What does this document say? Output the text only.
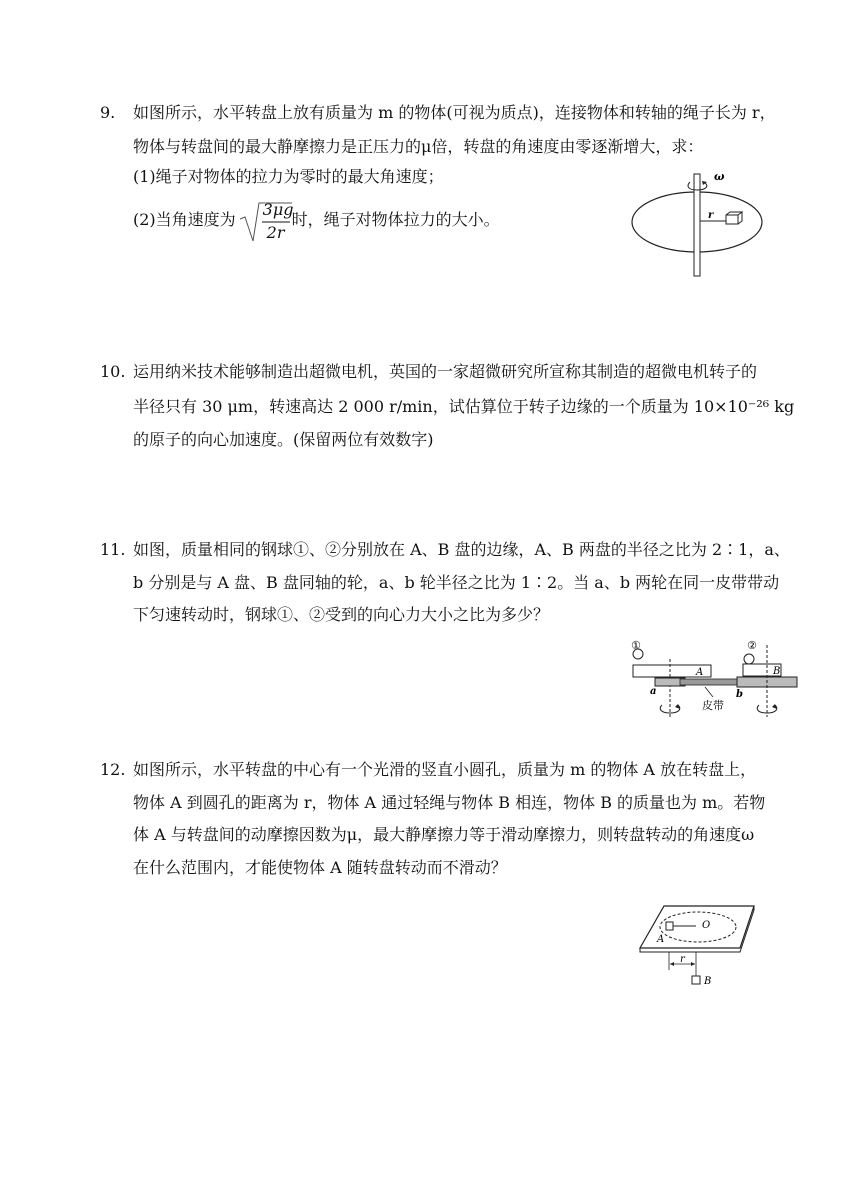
9. 如图所示，水平转盘上放有质量为 m 的物体(可视为质点)，连接物体和转轴的绳子长为 r，
物体与转盘间的最大静摩擦力是正压力的μ倍，转盘的角速度由零逐渐增大，求：
(1)绳子对物体的拉力为零时的最大角速度；
(2)当角速度为
3μg
2r
时，绳子对物体拉力的大小。
ω
r
10. 运用纳米技术能够制造出超微电机，英国的一家超微研究所宣称其制造的超微电机转子的
半径只有 30 μm，转速高达 2 000 r/min，试估算位于转子边缘的一个质量为 10×10⁻²⁶ kg
的原子的向心加速度。(保留两位有效数字)
11. 如图，质量相同的钢球①、②分别放在 A、B 盘的边缘，A、B 两盘的半径之比为 2∶1，a、
b 分别是与 A 盘、B 盘同轴的轮，a、b 轮半径之比为 1∶2。当 a、b 两轮在同一皮带带动
下匀速转动时，钢球①、②受到的向心力大小之比为多少？
①
A
a
皮带
B
②
b
12. 如图所示，水平转盘的中心有一个光滑的竖直小圆孔，质量为 m 的物体 A 放在转盘上，
物体 A 到圆孔的距离为 r，物体 A 通过轻绳与物体 B 相连，物体 B 的质量也为 m。若物
体 A 与转盘间的动摩擦因数为μ，最大静摩擦力等于滑动摩擦力，则转盘转动的角速度ω
在什么范围内，才能使物体 A 随转盘转动而不滑动？
O
A
r
B
